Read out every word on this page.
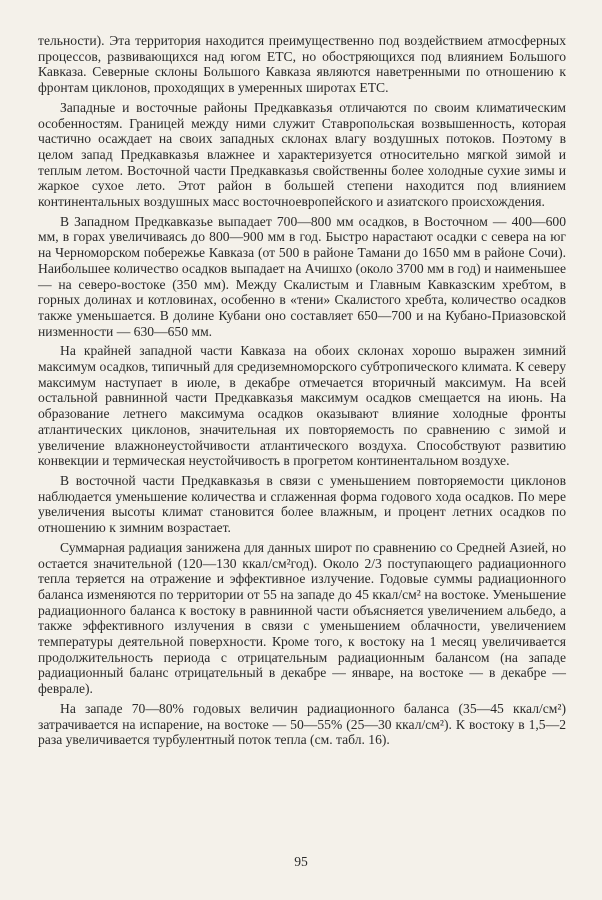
тельности). Эта территория находится преимущественно под воздействием атмосферных процессов, развивающихся над югом ЕТС, но обостряющихся под влиянием Большого Кавказа. Северные склоны Большого Кавказа являются наветренными по отношению к фронтам циклонов, проходящих в умеренных широтах ЕТС.

Западные и восточные районы Предкавказья отличаются по своим климатическим особенностям. Границей между ними служит Ставропольская возвышенность, которая частично осаждает на своих западных склонах влагу воздушных потоков. Поэтому в целом запад Предкавказья влажнее и характеризуется относительно мягкой зимой и теплым летом. Восточной части Предкавказья свойственны более холодные сухие зимы и жаркое сухое лето. Этот район в большей степени находится под влиянием континентальных воздушных масс восточноевропейского и азиатского происхождения.

В Западном Предкавказье выпадает 700—800 мм осадков, в Восточном — 400—600 мм, в горах увеличиваясь до 800—900 мм в год. Быстро нарастают осадки с севера на юг на Черноморском побережье Кавказа (от 500 в районе Тамани до 1650 мм в районе Сочи). Наибольшее количество осадков выпадает на Ачишхо (около 3700 мм в год) и наименьшее — на северо-востоке (350 мм). Между Скалистым и Главным Кавказским хребтом, в горных долинах и котловинах, особенно в «тени» Скалистого хребта, количество осадков также уменьшается. В долине Кубани оно составляет 650—700 и на Кубано-Приазовской низменности — 630—650 мм.

На крайней западной части Кавказа на обоих склонах хорошо выражен зимний максимум осадков, типичный для средиземноморского субтропического климата. К северу максимум наступает в июле, в декабре отмечается вторичный максимум. На всей остальной равнинной части Предкавказья максимум осадков смещается на июнь. На образование летнего максимума осадков оказывают влияние холодные фронты атлантических циклонов, значительная их повторяемость по сравнению с зимой и увеличение влажнонеустойчивости атлантического воздуха. Способствуют развитию конвекции и термическая неустойчивость в прогретом континентальном воздухе.

В восточной части Предкавказья в связи с уменьшением повторяемости циклонов наблюдается уменьшение количества и сглаженная форма годового хода осадков. По мере увеличения высоты климат становится более влажным, и процент летних осадков по отношению к зимним возрастает.

Суммарная радиация занижена для данных широт по сравнению со Средней Азией, но остается значительной (120—130 ккал/см²год). Около 2/3 поступающего радиационного тепла теряется на отражение и эффективное излучение. Годовые суммы радиационного баланса изменяются по территории от 55 на западе до 45 ккал/см² на востоке. Уменьшение радиационного баланса к востоку в равнинной части объясняется увеличением альбедо, а также эффективного излучения в связи с уменьшением облачности, увеличением температуры деятельной поверхности. Кроме того, к востоку на 1 месяц увеличивается продолжительность периода с отрицательным радиационным балансом (на западе радиационный баланс отрицательный в декабре — январе, на востоке — в декабре — феврале).

На западе 70—80% годовых величин радиационного баланса (35—45 ккал/см²) затрачивается на испарение, на востоке — 50—55% (25—30 ккал/см²). К востоку в 1,5—2 раза увеличивается турбулентный поток тепла (см. табл. 16).

95
